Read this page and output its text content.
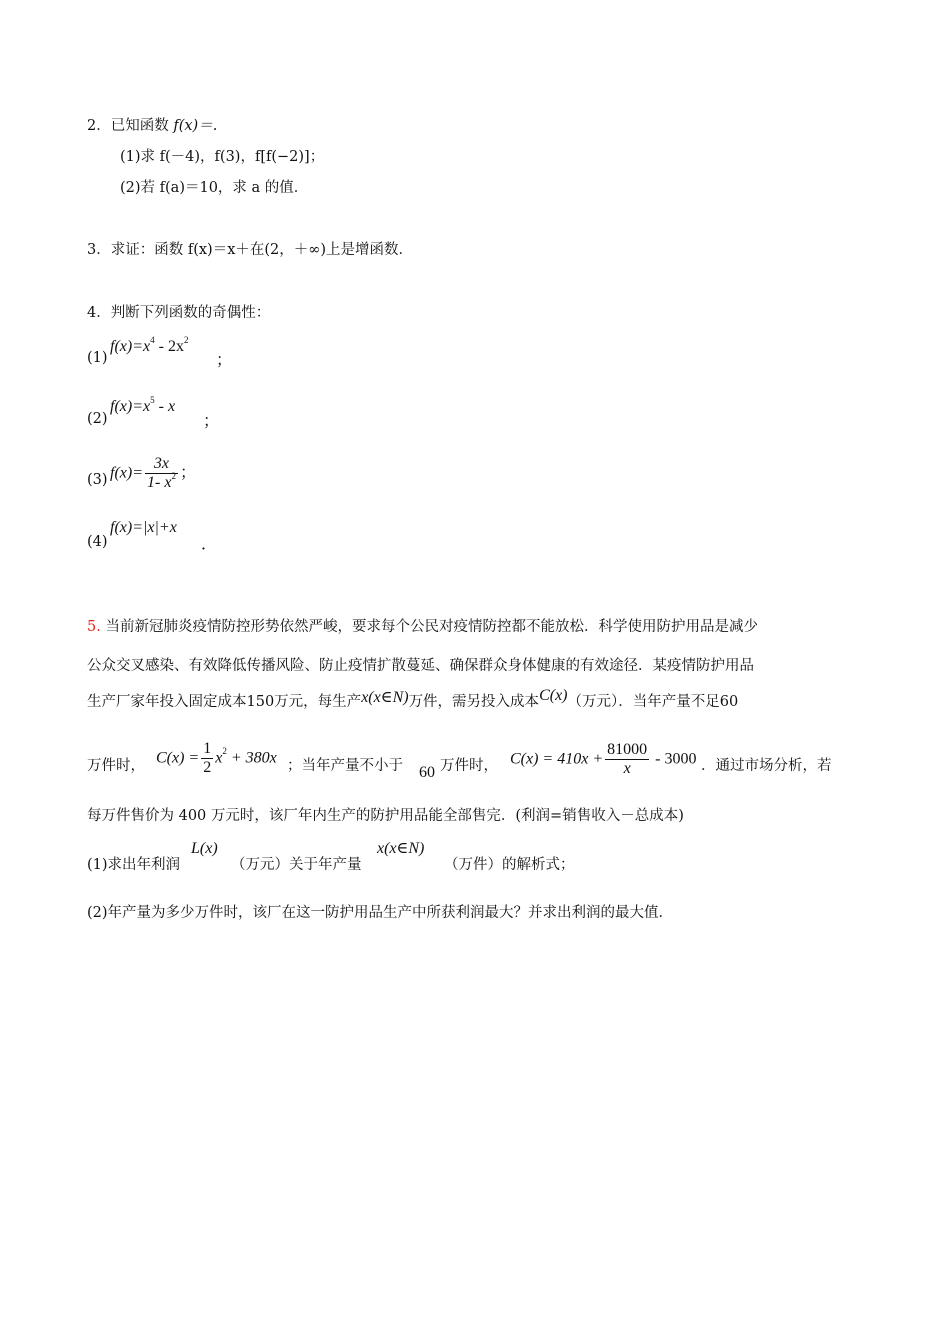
2．已知函数 f(x)＝.
(1)求 f(－4)，f(3)，f[f(−2)]；
(2)若 f(a)＝10，求 a 的值．
3．求证：函数 f(x)＝x＋在(2，＋∞)上是增函数．
4．判断下列函数的奇偶性：
(1)
$f(x)=x^4 - 2x^2$
；
(2)
$f(x)=x^5 - x$
；
(3) $f(x)= \frac{3x}{1- x^2}$ ；
(4)
f(x)=|x|+x
．
5. 当前新冠肺炎疫情防控形势依然严峻，要求每个公民对疫情防控都不能放松．科学使用防护用品是减少
公众交叉感染、有效降低传播风险、防止疫情扩散蔓延、确保群众身体健康的有效途径．某疫情防护用品
生产厂家年投入固定成本150万元，每生产x(x∈N)万件，需另投入成本C(x)（万元）．当年产量不足60
万件时， $C(x) = \frac{1}{2} x^2 + 380x$ ；当年产量不小于 60 万件时， $C(x) = 410x + \frac{81000}{x} - 3000$ ．通过市场分析，若
每万件售价为 400 万元时，该厂年内生产的防护用品能全部售完．(利润=销售收入－总成本)
(1)求出年利润
L(x)
（万元）关于年产量
x(x∈N)
（万件）的解析式；
(2)年产量为多少万件时，该厂在这一防护用品生产中所获利润最大？并求出利润的最大值．
